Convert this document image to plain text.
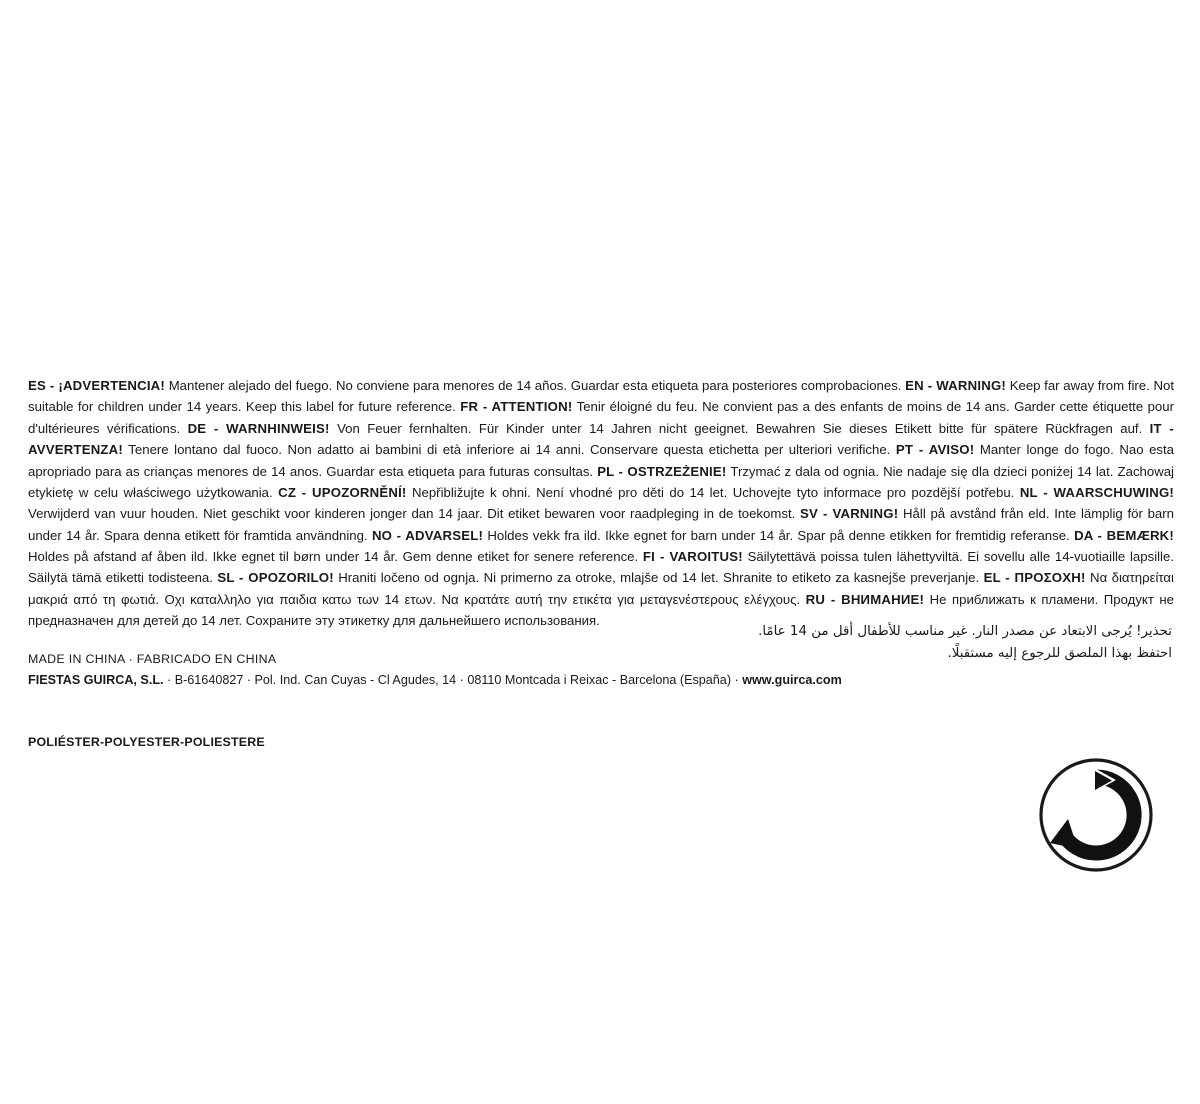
ES - ¡ADVERTENCIA! Mantener alejado del fuego. No conviene para menores de 14 años. Guardar esta etiqueta para posteriores comprobaciones. EN - WARNING! Keep far away from fire. Not suitable for children under 14 years. Keep this label for future reference. FR - ATTENTION! Tenir éloigné du feu. Ne convient pas a des enfants de moins de 14 ans. Garder cette étiquette pour d'ultérieures vérifications. DE - WARNHINWEIS! Von Feuer fernhalten. Für Kinder unter 14 Jahren nicht geeignet. Bewahren Sie dieses Etikett bitte für spätere Rückfragen auf. IT - AVVERTENZA! Tenere lontano dal fuoco. Non adatto ai bambini di età inferiore ai 14 anni. Conservare questa etichetta per ulteriori verifiche. PT - AVISO! Manter longe do fogo. Nao esta apropriado para as crianças menores de 14 anos. Guardar esta etiqueta para futuras consultas. PL - OSTRZEŻENIE! Trzymać z dala od ognia. Nie nadaje się dla dzieci poniżej 14 lat. Zachowaj etykietę w celu właściwego użytkowania. CZ - UPOZORNĚNÍ! Nepřibližujte k ohni. Není vhodné pro děti do 14 let. Uchovejte tyto informace pro pozdější potřebu. NL - WAARSCHUWING! Verwijderd van vuur houden. Niet geschikt voor kinderen jonger dan 14 jaar. Dit etiket bewaren voor raadpleging in de toekomst. SV - VARNING! Håll på avstånd från eld. Inte lämplig för barn under 14 år. Spara denna etikett för framtida användning. NO - ADVARSEL! Holdes vekk fra ild. Ikke egnet for barn under 14 år. Spar på denne etikken for fremtidig referanse. DA - BEMÆRK! Holdes på afstand af åben ild. Ikke egnet til børn under 14 år. Gem denne etiket for senere reference. FI - VAROITUS! Säilytettävä poissa tulen lähettyviltä. Ei sovellu alle 14-vuotiaille lapsille. Säilytä tämä etiketti todisteena. SL - OPOZORILO! Hraniti ločeno od ognja. Ni primerno za otroke, mlajše od 14 let. Shranite to etiketo za kasnejše preverjanje. EL - ΠΡΟΣΟΧΗ! Να διατηρείται μακριά από τη φωτιά. Οχι καταλληλο για παιδια κατω των 14 ετων. Να κρατάτε αυτή την ετικέτα για μεταγενέστερους ελέγχους. RU - ВНИМАНИЕ! Не приближать к пламени. Продукт не предназначен для детей до 14 лет. Сохраните эту этикетку для дальнейшего использования.
تحذير! يُرجى الابتعاد عن مصدر النار. غير مناسب للأطفال أقل من 14 عامًا. احتفظ بهذا الملصق للرجوع إليه مستقبلًا.
MADE IN CHINA · FABRICADO EN CHINA
FIESTAS GUIRCA, S.L. · B-61640827 · Pol. Ind. Can Cuyas - Cl Agudes, 14 · 08110 Montcada i Reixac - Barcelona (España) · www.guirca.com
POLIÉSTER-POLYESTER-POLIESTERE
